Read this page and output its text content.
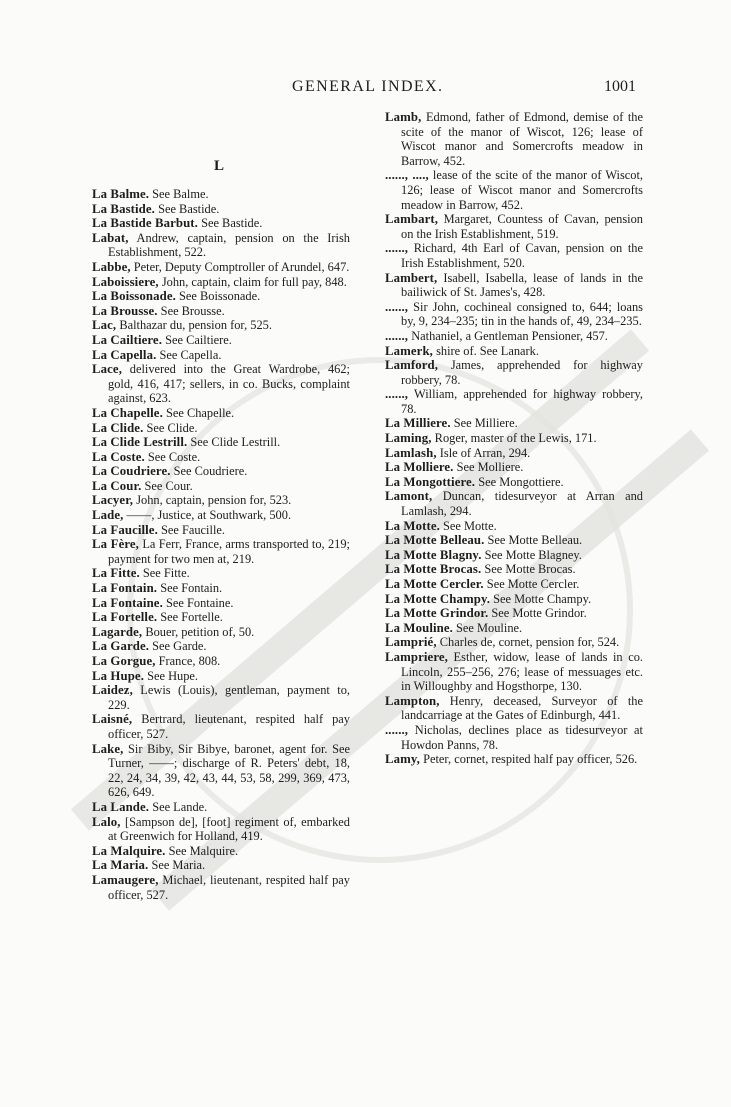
GENERAL INDEX.	1001
L

La Balme. See Balme.

La Bastide. See Bastide.

La Bastide Barbut. See Bastide.

Labat, Andrew, captain, pension on the Irish Establishment, 522.

Labbe, Peter, Deputy Comptroller of Arundel, 647.

Laboissiere, John, captain, claim for full pay, 848.

La Boissonade. See Boissonade.

La Brousse. See Brousse.

Lac, Balthazar du, pension for, 525.

La Cailtiere. See Cailtiere.

La Capella. See Capella.

Lace, delivered into the Great Wardrobe, 462; gold, 416, 417; sellers, in co. Bucks, complaint against, 623.

La Chapelle. See Chapelle.

La Clide. See Clide.

La Clide Lestrill. See Clide Lestrill.

La Coste. See Coste.

La Coudriere. See Coudriere.

La Cour. See Cour.

Lacyer, John, captain, pension for, 523.

Lade, ——, Justice, at Southwark, 500.

La Faucille. See Faucille.

La Fère, La Ferr, France, arms transported to, 219; payment for two men at, 219.

La Fitte. See Fitte.

La Fontain. See Fontain.

La Fontaine. See Fontaine.

La Fortelle. See Fortelle.

Lagarde, Bouer, petition of, 50.

La Garde. See Garde.

La Gorgue, France, 808.

La Hupe. See Hupe.

Laidez, Lewis (Louis), gentleman, payment to, 229.

Laisné, Bertrard, lieutenant, respited half pay officer, 527.

Lake, Sir Biby, Sir Bibye, baronet, agent for. See Turner, ——; discharge of R. Peters' debt, 18, 22, 24, 34, 39, 42, 43, 44, 53, 58, 299, 369, 473, 626, 649.

La Lande. See Lande.

Lalo, [Sampson de], [foot] regiment of, embarked at Greenwich for Holland, 419.

La Malquire. See Malquire.

La Maria. See Maria.

Lamaugere, Michael, lieutenant, respited half pay officer, 527.

Lamb, Edmond, father of Edmond, demise of the scite of the manor of Wiscot, 126; lease of Wiscot manor and Somercrofts meadow in Barrow, 452.

......, ...., lease of the scite of the manor of Wiscot, 126; lease of Wiscot manor and Somercrofts meadow in Barrow, 452.

Lambart, Margaret, Countess of Cavan, pension on the Irish Establishment, 519.

......, Richard, 4th Earl of Cavan, pension on the Irish Establishment, 520.

Lambert, Isabell, Isabella, lease of lands in the bailiwick of St. James's, 428.

......, Sir John, cochineal consigned to, 644; loans by, 9, 234–235; tin in the hands of, 49, 234–235.

......, Nathaniel, a Gentleman Pensioner, 457.

Lamerk, shire of. See Lanark.

Lamford, James, apprehended for highway robbery, 78.

......, William, apprehended for highway robbery, 78.

La Milliere. See Milliere.

Laming, Roger, master of the Lewis, 171.

Lamlash, Isle of Arran, 294.

La Molliere. See Molliere.

La Mongottiere. See Mongottiere.

Lamont, Duncan, tidesurveyor at Arran and Lamlash, 294.

La Motte. See Motte.

La Motte Belleau. See Motte Belleau.

La Motte Blagny. See Motte Blagney.

La Motte Brocas. See Motte Brocas.

La Motte Cercler. See Motte Cercler.

La Motte Champy. See Motte Champy.

La Motte Grindor. See Motte Grindor.

La Mouline. See Mouline.

Lamprié, Charles de, cornet, pension for, 524.

Lampriere, Esther, widow, lease of lands in co. Lincoln, 255–256, 276; lease of messuages etc. in Willoughby and Hogsthorpe, 130.

Lampton, Henry, deceased, Surveyor of the landcarriage at the Gates of Edinburgh, 441.

......, Nicholas, declines place as tidesurveyor at Howdon Panns, 78.

Lamy, Peter, cornet, respited half pay officer, 526.
